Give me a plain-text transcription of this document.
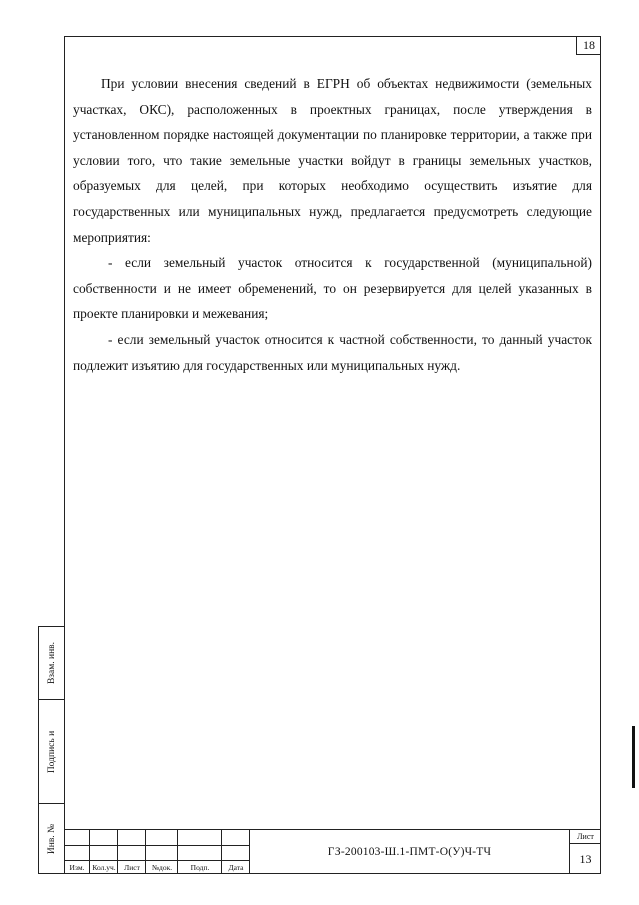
18

При условии внесения сведений в ЕГРН об объектах недвижимости (земельных участках, ОКС), расположенных в проектных границах, после утверждения в установленном порядке настоящей документации по планировке территории, а также при условии того, что такие земельные участки войдут в границы земельных участков, образуемых для целей, при которых необходимо осуществить изъятие для государственных или муниципальных нужд, предлагается предусмотреть следующие мероприятия:

- если земельный участок относится к государственной (муниципальной) собственности и не имеет обременений, то он резервируется для целей указанных в проекте планировки и межевания;

- если земельный участок относится к частной собственности, то данный участок подлежит изъятию для государственных или муниципальных нужд.

Взам. инв.
Подпись и
Инв. №
Изм.	Кол.уч.	Лист	№док.	Подп.	Дата
ГЗ-200103-Ш.1-ПМТ-О(У)Ч-ТЧ
Лист
13
